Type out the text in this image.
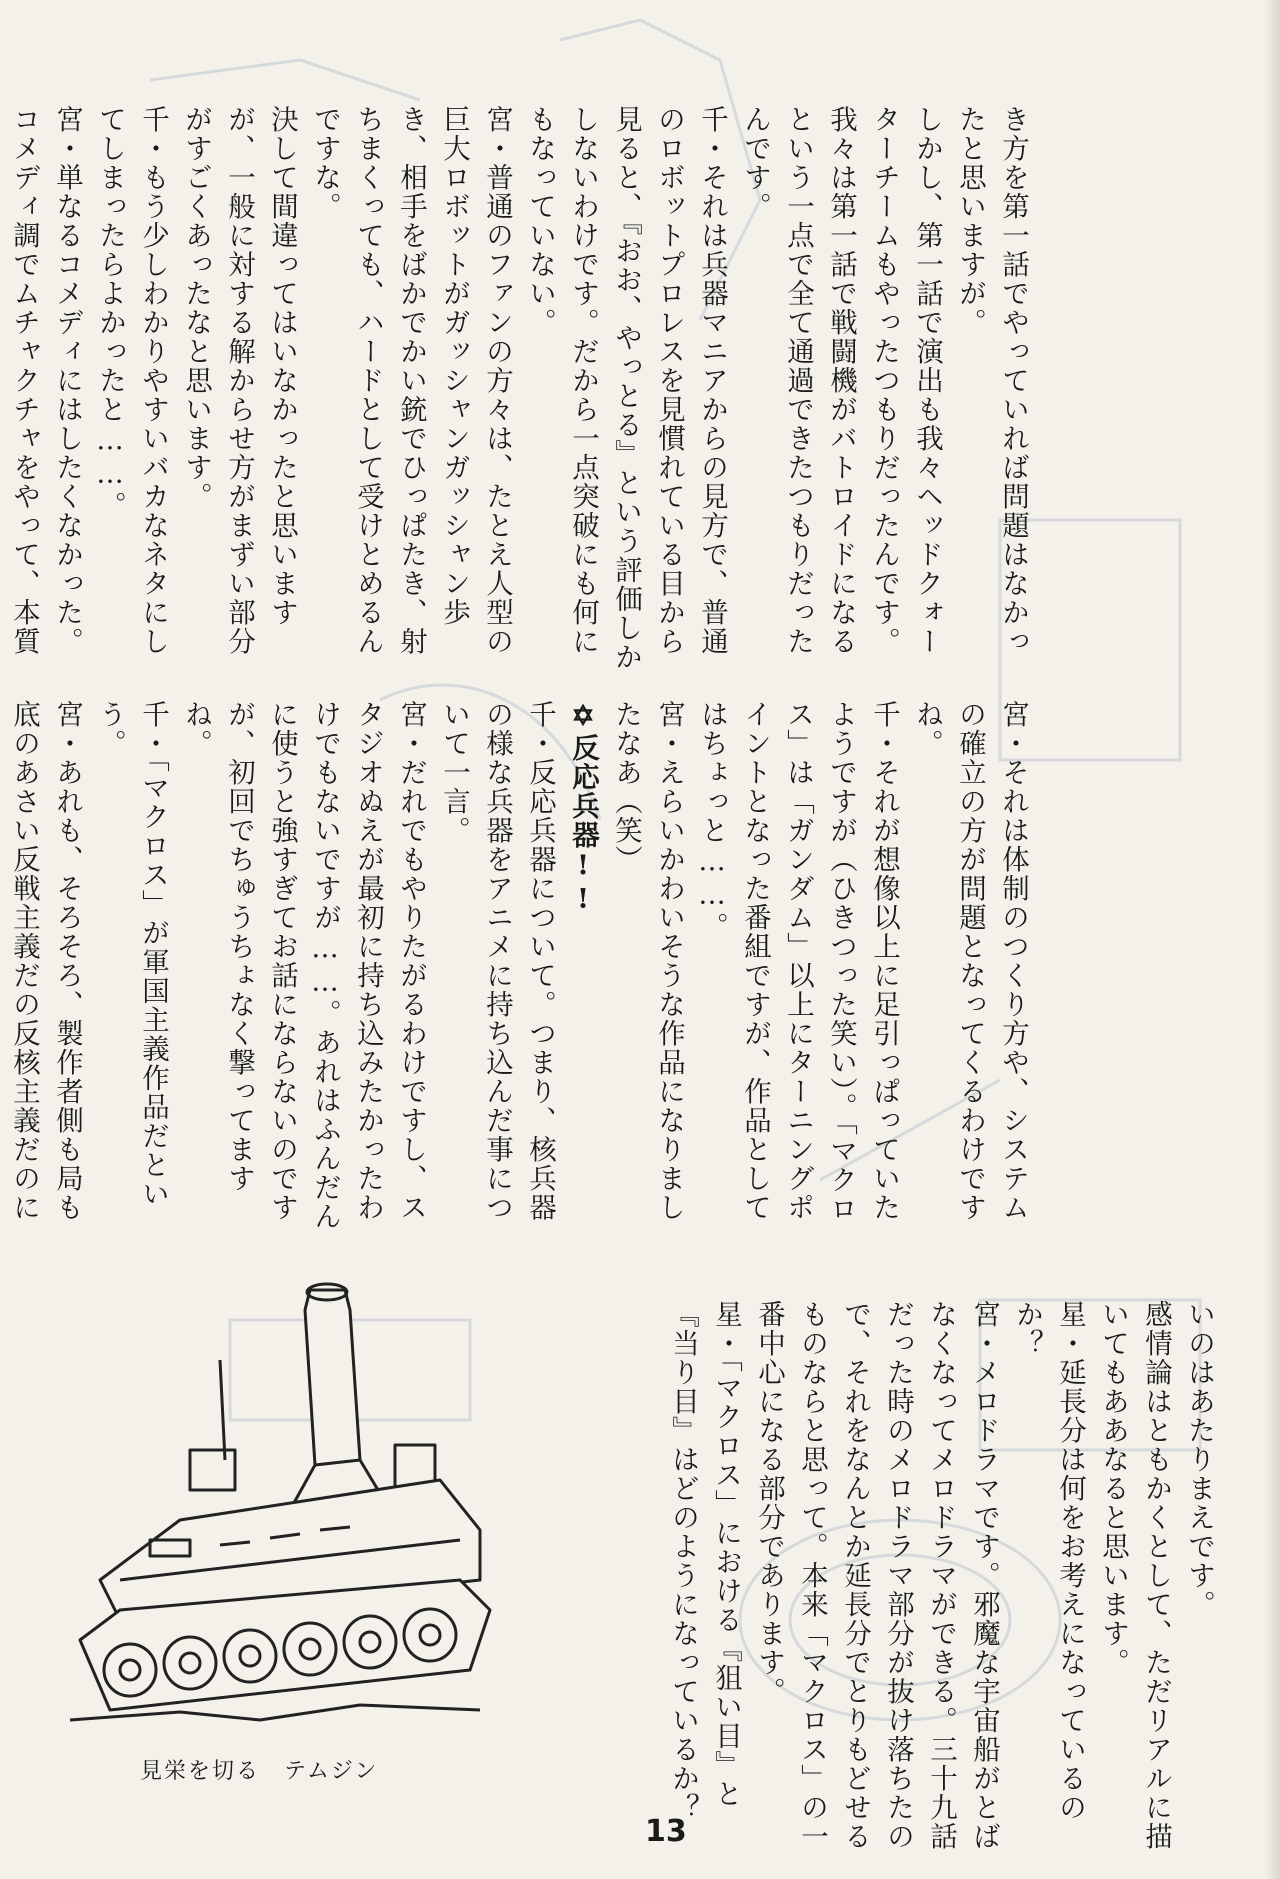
き方を第一話でやっていれば問題はなかったと思いますが。
しかし、第一話で演出も我々ヘッドクォーターチームもやったつもりだったんです。我々は第一話で戦闘機がバトロイドになるという一点で全て通過できたつもりだったんです。
千・それは兵器マニアからの見方で、普通のロボットプロレスを見慣れている目から見ると、『おお、やっとる』という評価しかしないわけです。だから一点突破にも何にもなっていない。
宮・普通のファンの方々は、たとえ人型の巨大ロボットがガッシャンガッシャン歩き、相手をばかでかい銃でひっぱたき、射ちまくっても、ハードとして受けとめるんですな。
決して間違ってはいなかったと思いますが、一般に対する解からせ方がまずい部分がすごくあったなと思います。
千・もう少しわかりやすいバカなネタにしてしまったらよかったと……。
宮・単なるコメディにはしたくなかった。コメディ調でムチャクチャをやって、本質
宮・それは体制のつくり方や、システムの確立の方が問題となってくるわけですね。
千・それが想像以上に足引っぱっていたようですが（ひきつった笑い）。「マクロス」は「ガンダム」以上にターニングポイントとなった番組ですが、作品としてはちょっと……。
宮・えらいかわいそうな作品になりましたなあ（笑）
✡反応兵器!!
千・反応兵器について。つまり、核兵器の様な兵器をアニメに持ち込んだ事について一言。
宮・だれでもやりたがるわけですし、スタジオぬえが最初に持ち込みたかったわけでもないですが……。あれはふんだんに使うと強すぎてお話にならないのですが、初回でちゅうちょなく撃ってますね。
千・「マクロス」が軍国主義作品だという。
宮・あれも、そろそろ、製作者側も局も底のあさい反戦主義だの反核主義だのに
いのはあたりまえです。
感情論はともかくとして、ただリアルに描いてもああなると思います。
星・延長分は何をお考えになっているのか？
宮・メロドラマです。邪魔な宇宙船がとばなくなってメロドラマができる。三十九話だった時のメロドラマ部分が抜け落ちたので、それをなんとか延長分でとりもどせるものならと思って。本来「マクロス」の一番中心になる部分であります。
星・「マクロス」における『狙い目』と『当り目』はどのようになっているか？
見栄を切る　テムジン
13
